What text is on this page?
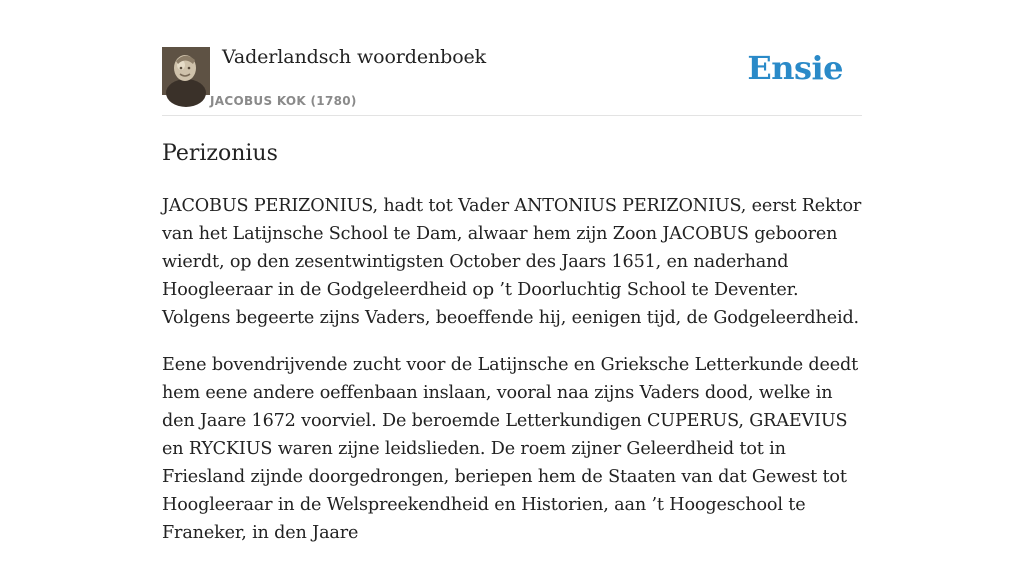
Vaderlandsch woordenboek
JACOBUS KOK (1780)
Ensie
Perizonius

JACOBUS PERIZONIUS, hadt tot Vader ANTONIUS PERIZONIUS, eerst Rektor van het Latijnsche School te Dam, alwaar hem zijn Zoon JACOBUS gebooren wierdt, op den zesentwintigsten October des Jaars 1651, en naderhand Hoogleeraar in de Godgeleerdheid op ’t Doorluchtig School te Deventer. Volgens begeerte zijns Vaders, beoeffende hij, eenigen tijd, de Godgeleerdheid.

Eene bovendrijvende zucht voor de Latijnsche en Grieksche Letterkunde deedt hem eene andere oeffenbaan inslaan, vooral naa zijns Vaders dood, welke in den Jaare 1672 voorviel. De beroemde Letterkundigen CUPERUS, GRAEVIUS en RYCKIUS waren zijne leidslieden. De roem zijner Geleerdheid tot in Friesland zijnde doorgedrongen, beriepen hem de Staaten van dat Gewest tot Hoogleeraar in de Welspreekendheid en Historien, aan ’t Hoogeschool te Franeker, in den Jaare
